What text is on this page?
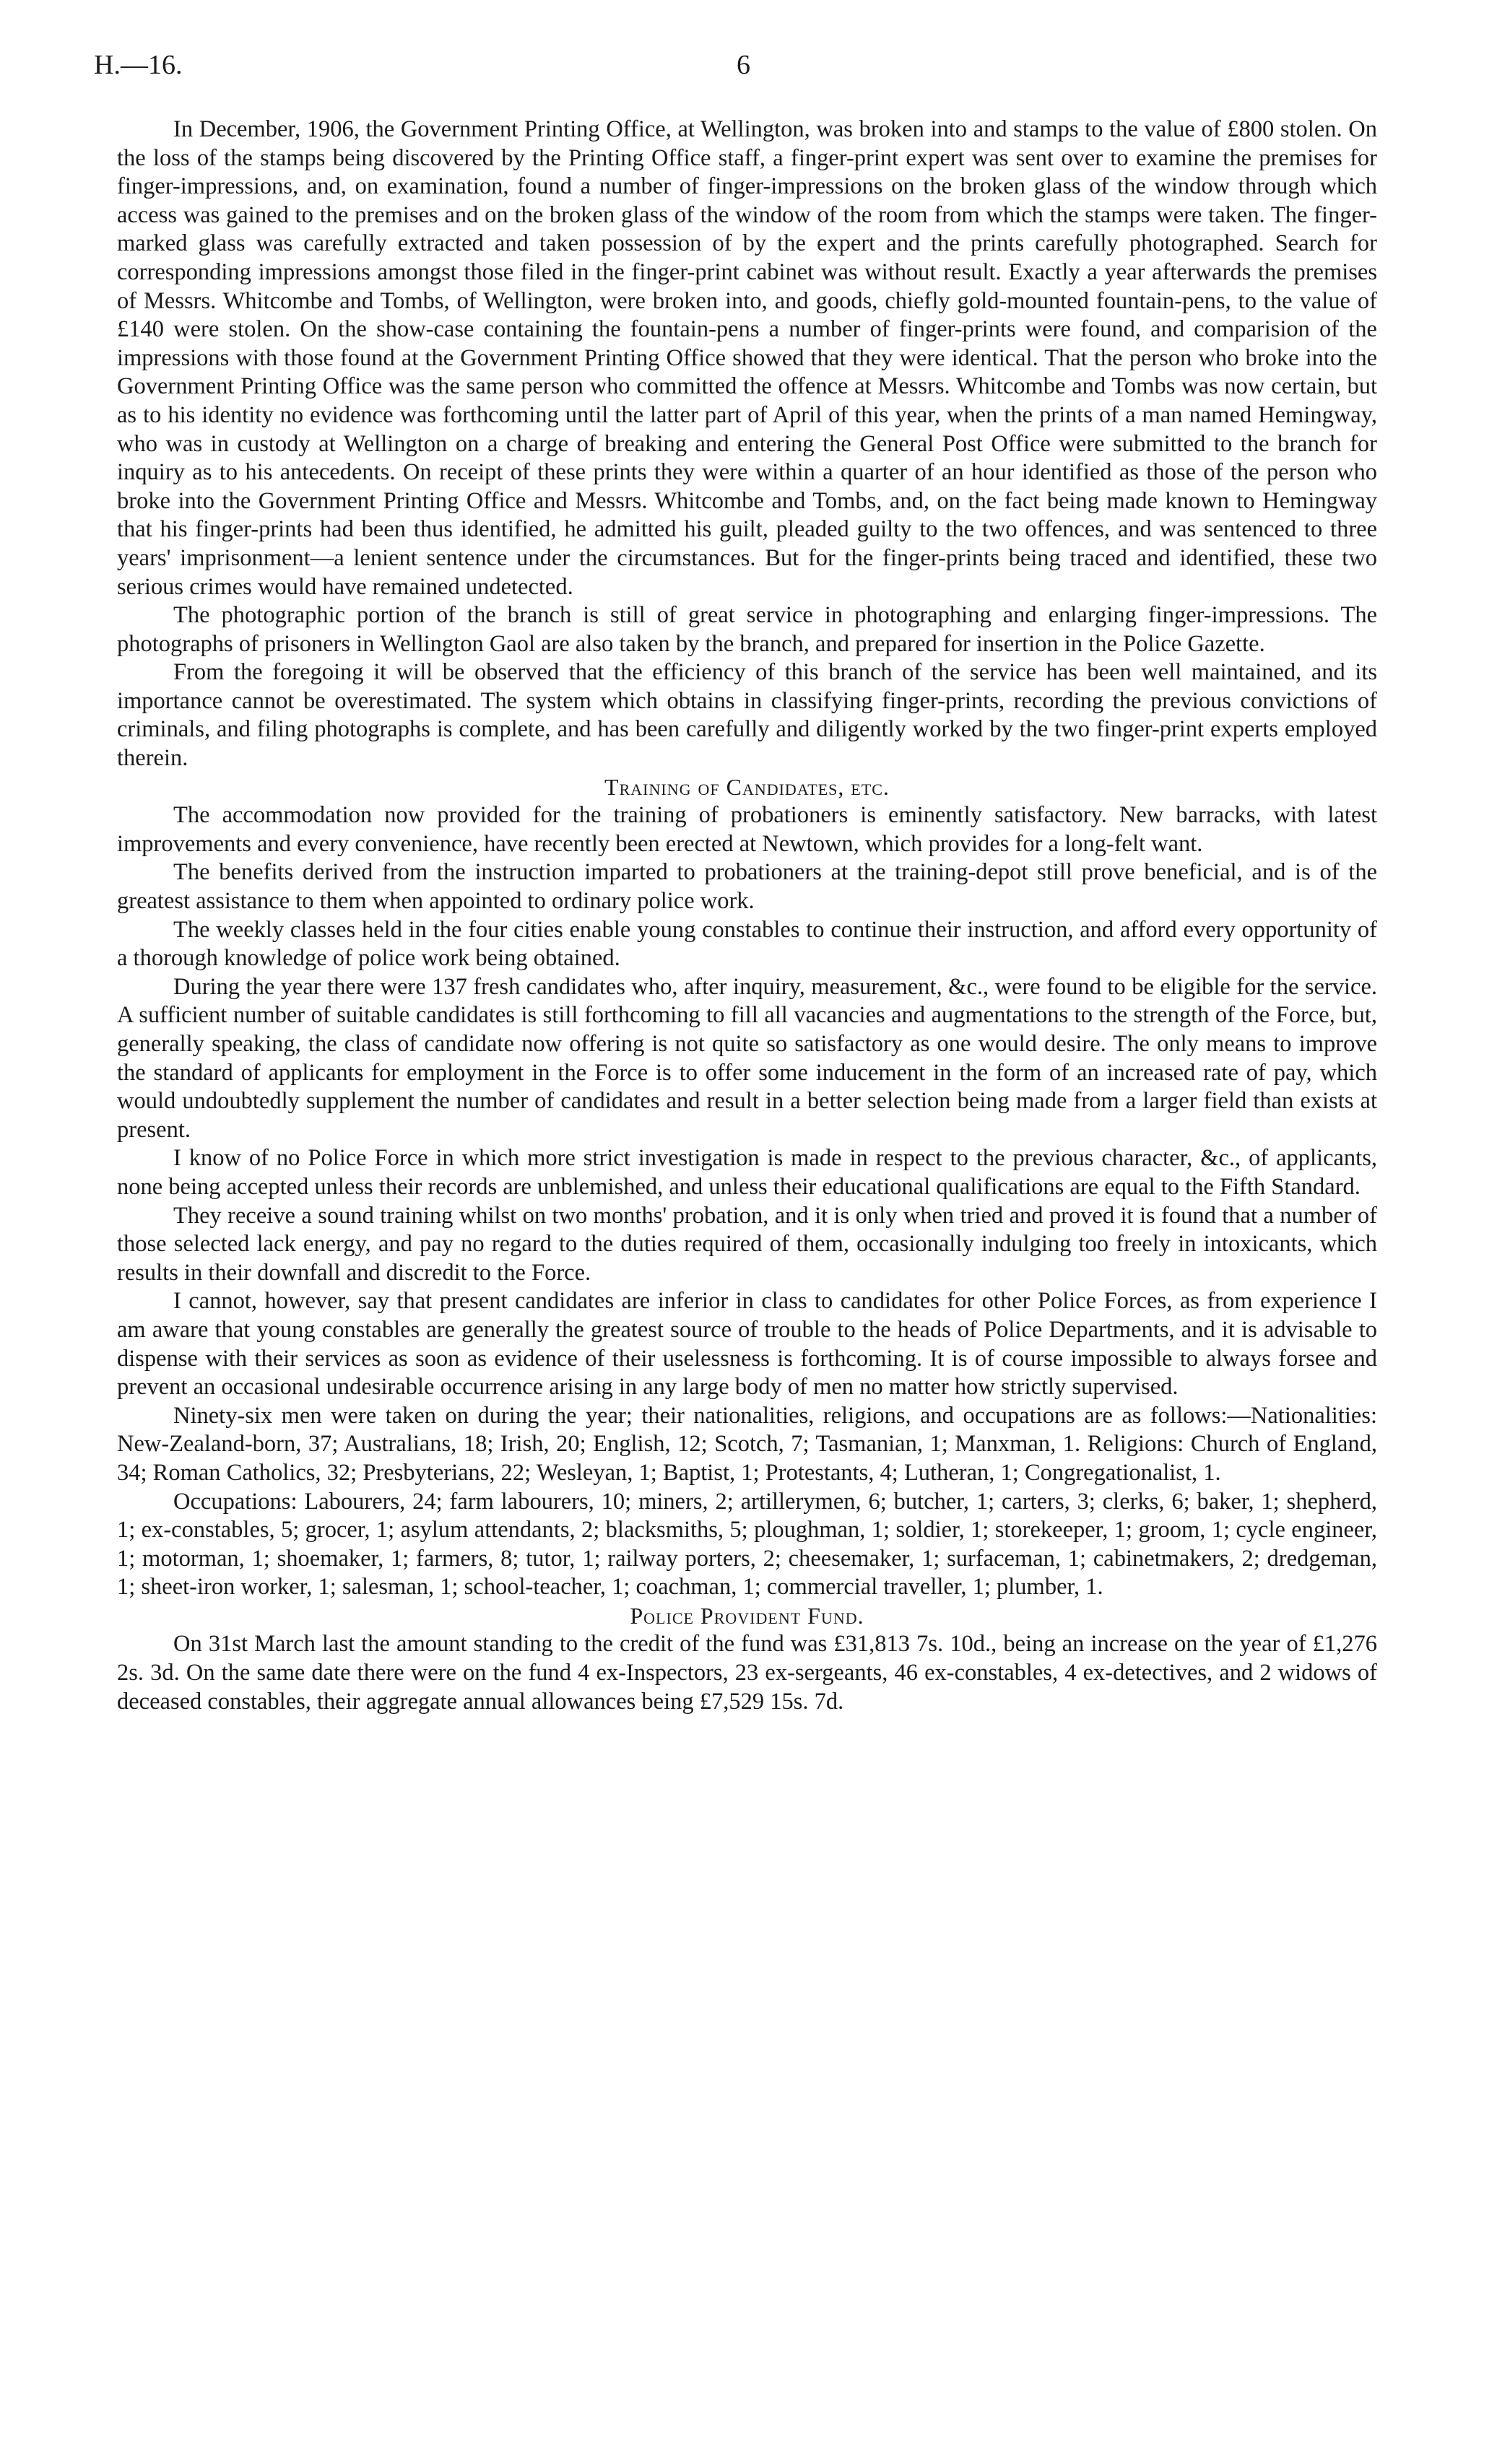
H.—16.	6

In December, 1906, the Government Printing Office, at Wellington, was broken into and stamps to the value of £800 stolen. On the loss of the stamps being discovered by the Printing Office staff, a finger-print expert was sent over to examine the premises for finger-impressions, and, on examination, found a number of finger-impressions on the broken glass of the window through which access was gained to the premises and on the broken glass of the window of the room from which the stamps were taken. The finger-marked glass was carefully extracted and taken possession of by the expert and the prints carefully photographed. Search for corresponding impressions amongst those filed in the finger-print cabinet was without result. Exactly a year afterwards the premises of Messrs. Whitcombe and Tombs, of Wellington, were broken into, and goods, chiefly gold-mounted fountain-pens, to the value of £140 were stolen. On the show-case containing the fountain-pens a number of finger-prints were found, and comparision of the impressions with those found at the Government Printing Office showed that they were identical. That the person who broke into the Government Printing Office was the same person who committed the offence at Messrs. Whitcombe and Tombs was now certain, but as to his identity no evidence was forthcoming until the latter part of April of this year, when the prints of a man named Hemingway, who was in custody at Wellington on a charge of breaking and entering the General Post Office were submitted to the branch for inquiry as to his antecedents. On receipt of these prints they were within a quarter of an hour identified as those of the person who broke into the Government Printing Office and Messrs. Whitcombe and Tombs, and, on the fact being made known to Hemingway that his finger-prints had been thus identified, he admitted his guilt, pleaded guilty to the two offences, and was sentenced to three years' imprisonment—a lenient sentence under the circumstances. But for the finger-prints being traced and identified, these two serious crimes would have remained undetected.

The photographic portion of the branch is still of great service in photographing and enlarging finger-impressions. The photographs of prisoners in Wellington Gaol are also taken by the branch, and prepared for insertion in the Police Gazette.

From the foregoing it will be observed that the efficiency of this branch of the service has been well maintained, and its importance cannot be overestimated. The system which obtains in classifying finger-prints, recording the previous convictions of criminals, and filing photographs is complete, and has been carefully and diligently worked by the two finger-print experts employed therein.

Training of Candidates, etc.

The accommodation now provided for the training of probationers is eminently satisfactory. New barracks, with latest improvements and every convenience, have recently been erected at Newtown, which provides for a long-felt want.

The benefits derived from the instruction imparted to probationers at the training-depot still prove beneficial, and is of the greatest assistance to them when appointed to ordinary police work.

The weekly classes held in the four cities enable young constables to continue their instruction, and afford every opportunity of a thorough knowledge of police work being obtained.

During the year there were 137 fresh candidates who, after inquiry, measurement, &c., were found to be eligible for the service. A sufficient number of suitable candidates is still forthcoming to fill all vacancies and augmentations to the strength of the Force, but, generally speaking, the class of candidate now offering is not quite so satisfactory as one would desire. The only means to improve the standard of applicants for employment in the Force is to offer some inducement in the form of an increased rate of pay, which would undoubtedly supplement the number of candidates and result in a better selection being made from a larger field than exists at present.

I know of no Police Force in which more strict investigation is made in respect to the previous character, &c., of applicants, none being accepted unless their records are unblemished, and unless their educational qualifications are equal to the Fifth Standard.

They receive a sound training whilst on two months' probation, and it is only when tried and proved it is found that a number of those selected lack energy, and pay no regard to the duties required of them, occasionally indulging too freely in intoxicants, which results in their downfall and discredit to the Force.

I cannot, however, say that present candidates are inferior in class to candidates for other Police Forces, as from experience I am aware that young constables are generally the greatest source of trouble to the heads of Police Departments, and it is advisable to dispense with their services as soon as evidence of their uselessness is forthcoming. It is of course impossible to always forsee and prevent an occasional undesirable occurrence arising in any large body of men no matter how strictly supervised.

Ninety-six men were taken on during the year; their nationalities, religions, and occupations are as follows:—Nationalities: New-Zealand-born, 37; Australians, 18; Irish, 20; English, 12; Scotch, 7; Tasmanian, 1; Manxman, 1. Religions: Church of England, 34; Roman Catholics, 32; Presbyterians, 22; Wesleyan, 1; Baptist, 1; Protestants, 4; Lutheran, 1; Congregationalist, 1.

Occupations: Labourers, 24; farm labourers, 10; miners, 2; artillerymen, 6; butcher, 1; carters, 3; clerks, 6; baker, 1; shepherd, 1; ex-constables, 5; grocer, 1; asylum attendants, 2; blacksmiths, 5; ploughman, 1; soldier, 1; storekeeper, 1; groom, 1; cycle engineer, 1; motorman, 1; shoemaker, 1; farmers, 8; tutor, 1; railway porters, 2; cheesemaker, 1; surfaceman, 1; cabinetmakers, 2; dredgeman, 1; sheet-iron worker, 1; salesman, 1; school-teacher, 1; coachman, 1; commercial traveller, 1; plumber, 1.

Police Provident Fund.

On 31st March last the amount standing to the credit of the fund was £31,813 7s. 10d., being an increase on the year of £1,276 2s. 3d. On the same date there were on the fund 4 ex-Inspectors, 23 ex-sergeants, 46 ex-constables, 4 ex-detectives, and 2 widows of deceased constables, their aggregate annual allowances being £7,529 15s. 7d.
